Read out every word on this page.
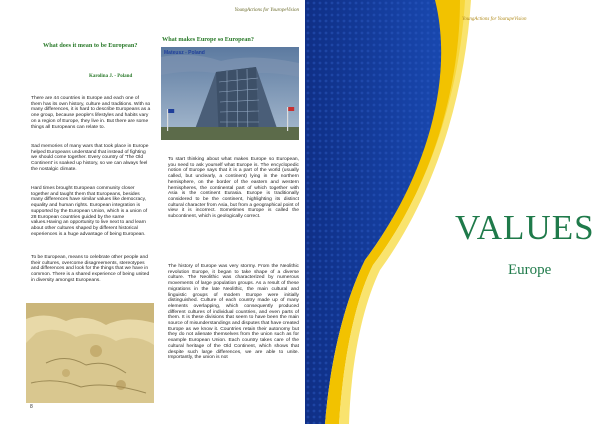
YoungActions for YouropeVision
What does it mean to be European?
Karolina J. - Poland
There are 44 countries in Europe and each one of them has its own history, culture and traditions. With so many differences, it is hard to describe Europeans as a one group, because people's lifestyles and habits vary on a region of Europe, they live in. But there are some things all Europeans can relate to.
Sad memories of many wars that took place in Europe helped Europeans understand that instead of fighting we should come together. Every country of 'The Old Continent' is soaked up history, so we can always feel the nostalgic climate.
Hard times brought European community closer together and taught them that Europeans, besides many differences have similar values like democracy, equality and human rights. European integration is supported by the European Union, which is a union of 28 European countries guided by the same values.Having an opportunity to live next to and learn about other cultures shaped by different historical experiences is a huge advantage of being European.
To be European, means to celebrate other people and their cultures, overcome disagreements, stereotypes and differences and look for the things that we have in common. There is a shared experience of being united in diversity amongst Europeans.
What makes Europe so European?
Mateusz - Poland
To start thinking about what makes Europe so European, you need to ask yourself what Europe is. The encyclopedic notion of Europe says that it is a part of the world (usually called, but unclearly, a continent) lying in the northern hemisphere, on the border of the eastern and western hemispheres, the continental part of which together with Asia is the continent Eurasia. Europe is traditionally considered to be the continent, highlighting its distinct cultural character from Asia, but from a geographical point of view it is incorrect. Sometimes Europe is called the subcontinent, which is geologically correct.
The history of Europe was very stormy. From the Neolithic revolution Europe, it began to take shape of a diverse culture. The Neolithic was characterized by numerous movements of large population groups. As a result of these migrations in the late Neolithic, the main cultural and linguistic groups of modern Europe were initially distinguished. Culture of each country made up of many elements overlapping, which consequently produced different cultures of individual countries, and even parts of them. It is these divisions that seem to have been the main source of misunderstandings and disputes that have created Europe as we know it. Countries retain their autonomy but they do not alienate themselves from the union such as for example European Union. Each country takes care of the cultural heritage of the Old Continent, which shows that despite such large differences, we are able to unite. Importantly, the union is not
8
YoungActions for YourupeVision
VALUES
Europe
